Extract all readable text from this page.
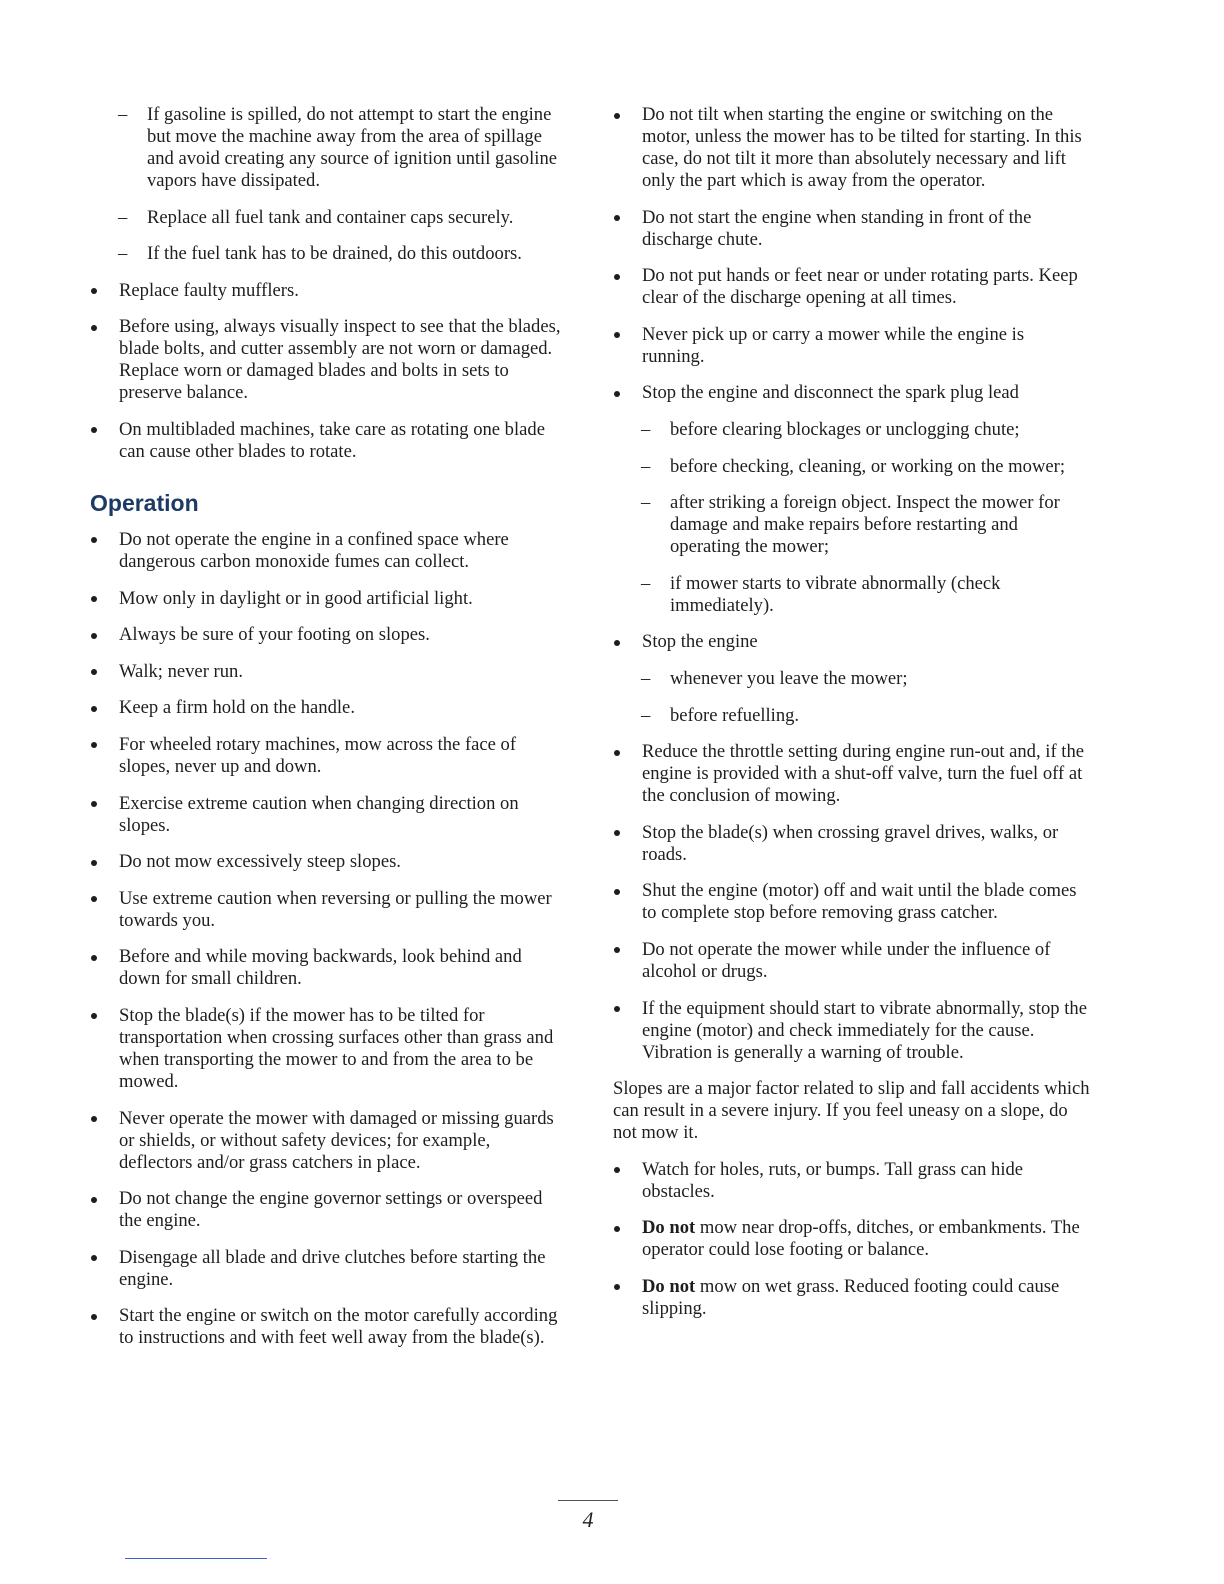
– If gasoline is spilled, do not attempt to start the engine but move the machine away from the area of spillage and avoid creating any source of ignition until gasoline vapors have dissipated.
– Replace all fuel tank and container caps securely.
– If the fuel tank has to be drained, do this outdoors.
Replace faulty mufflers.
Before using, always visually inspect to see that the blades, blade bolts, and cutter assembly are not worn or damaged. Replace worn or damaged blades and bolts in sets to preserve balance.
On multibladed machines, take care as rotating one blade can cause other blades to rotate.
Operation
Do not operate the engine in a confined space where dangerous carbon monoxide fumes can collect.
Mow only in daylight or in good artificial light.
Always be sure of your footing on slopes.
Walk; never run.
Keep a firm hold on the handle.
For wheeled rotary machines, mow across the face of slopes, never up and down.
Exercise extreme caution when changing direction on slopes.
Do not mow excessively steep slopes.
Use extreme caution when reversing or pulling the mower towards you.
Before and while moving backwards, look behind and down for small children.
Stop the blade(s) if the mower has to be tilted for transportation when crossing surfaces other than grass and when transporting the mower to and from the area to be mowed.
Never operate the mower with damaged or missing guards or shields, or without safety devices; for example, deflectors and/or grass catchers in place.
Do not change the engine governor settings or overspeed the engine.
Disengage all blade and drive clutches before starting the engine.
Start the engine or switch on the motor carefully according to instructions and with feet well away from the blade(s).
Do not tilt when starting the engine or switching on the motor, unless the mower has to be tilted for starting. In this case, do not tilt it more than absolutely necessary and lift only the part which is away from the operator.
Do not start the engine when standing in front of the discharge chute.
Do not put hands or feet near or under rotating parts. Keep clear of the discharge opening at all times.
Never pick up or carry a mower while the engine is running.
Stop the engine and disconnect the spark plug lead
– before clearing blockages or unclogging chute;
– before checking, cleaning, or working on the mower;
– after striking a foreign object. Inspect the mower for damage and make repairs before restarting and operating the mower;
– if mower starts to vibrate abnormally (check immediately).
Stop the engine
– whenever you leave the mower;
– before refuelling.
Reduce the throttle setting during engine run-out and, if the engine is provided with a shut-off valve, turn the fuel off at the conclusion of mowing.
Stop the blade(s) when crossing gravel drives, walks, or roads.
Shut the engine (motor) off and wait until the blade comes to complete stop before removing grass catcher.
Do not operate the mower while under the influence of alcohol or drugs.
If the equipment should start to vibrate abnormally, stop the engine (motor) and check immediately for the cause. Vibration is generally a warning of trouble.

Slopes are a major factor related to slip and fall accidents which can result in a severe injury. If you feel uneasy on a slope, do not mow it.

Watch for holes, ruts, or bumps. Tall grass can hide obstacles.
Do not mow near drop-offs, ditches, or embankments. The operator could lose footing or balance.
Do not mow on wet grass. Reduced footing could cause slipping.
4
